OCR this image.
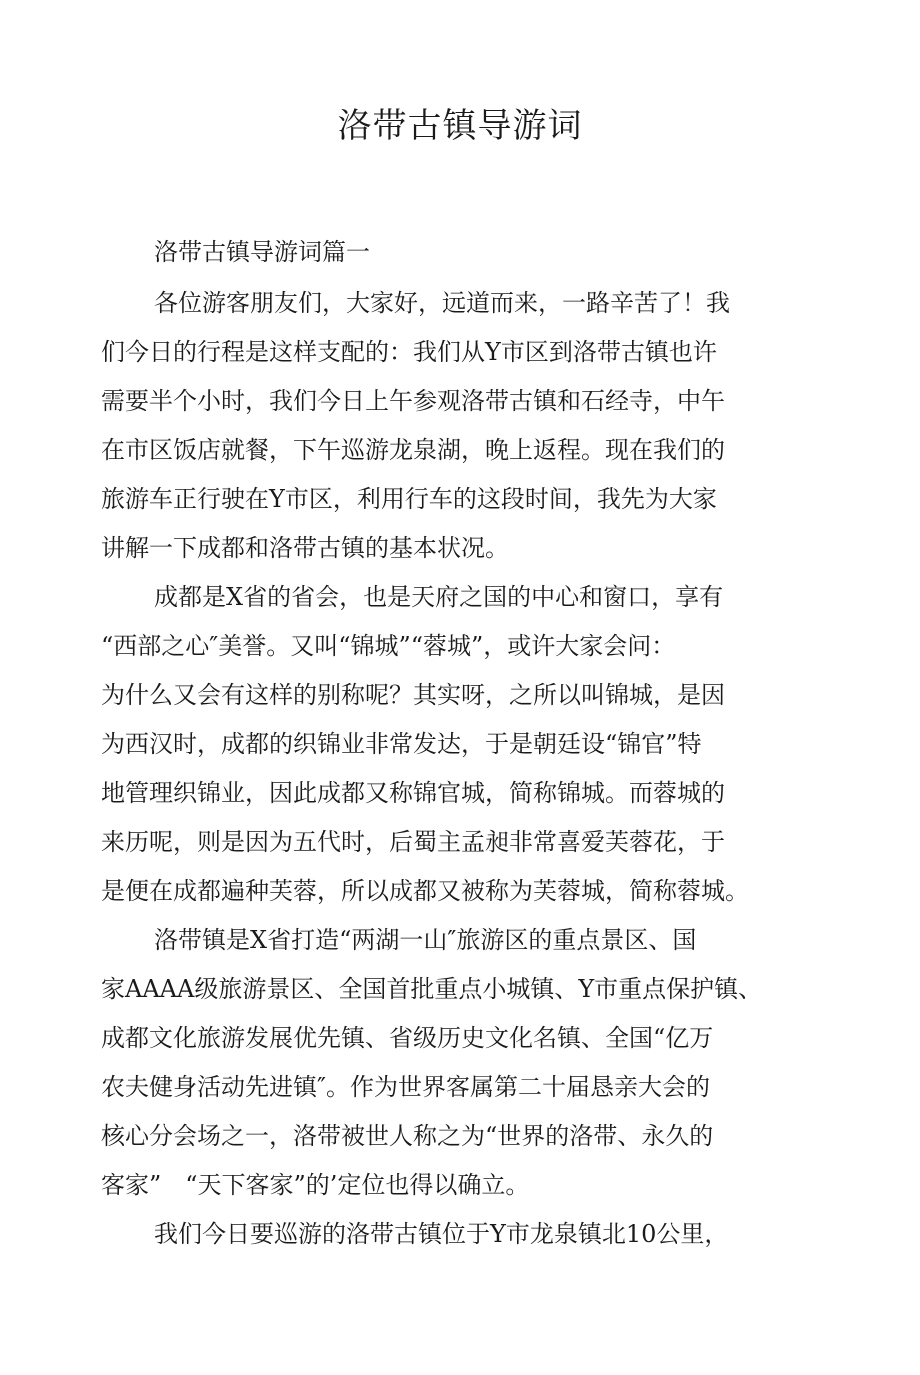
洛带古镇导游词
洛带古镇导游词篇一
各位游客朋友们，大家好，远道而来，一路辛苦了！我
们今日的行程是这样支配的：我们从Y市区到洛带古镇也许
需要半个小时，我们今日上午参观洛带古镇和石经寺，中午
在市区饭店就餐，下午巡游龙泉湖，晚上返程。现在我们的
旅游车正行驶在Y市区，利用行车的这段时间，我先为大家
讲解一下成都和洛带古镇的基本状况。
成都是X省的省会，也是天府之国的中心和窗口，享有
“西部之心″美誉。又叫“锦城”“蓉城”，或许大家会问：
为什么又会有这样的别称呢？其实呀，之所以叫锦城，是因
为西汉时，成都的织锦业非常发达，于是朝廷设“锦官”特
地管理织锦业，因此成都又称锦官城，简称锦城。而蓉城的
来历呢，则是因为五代时，后蜀主孟昶非常喜爱芙蓉花，于
是便在成都遍种芙蓉，所以成都又被称为芙蓉城，简称蓉城。
洛带镇是X省打造“两湖一山″旅游区的重点景区、国
家AAAA级旅游景区、全国首批重点小城镇、Y市重点保护镇、
成都文化旅游发展优先镇、省级历史文化名镇、全国“亿万
农夫健身活动先进镇″。作为世界客属第二十届恳亲大会的
核心分会场之一，洛带被世人称之为“世界的洛带、永久的
客家”　“天下客家”的’定位也得以确立。
我们今日要巡游的洛带古镇位于Y市龙泉镇北10公里，
